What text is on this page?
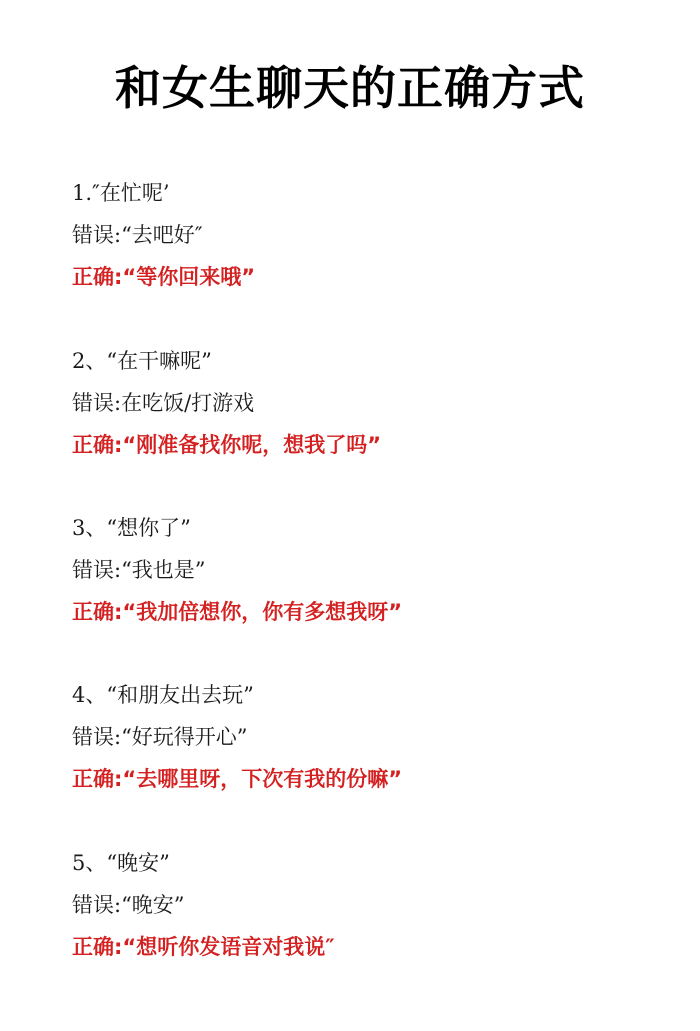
和女生聊天的正确方式
1.″在忙呢’
错误:“去吧好″
正确:“等你回来哦”
2、“在干嘛呢”
错误:在吃饭/打游戏
正确:“刚准备找你呢，想我了吗”
3、“想你了”
错误:“我也是”
正确:“我加倍想你，你有多想我呀”
4、“和朋友出去玩”
错误:“好玩得开心”
正确:“去哪里呀，下次有我的份嘛”
5、“晚安”
错误:“晚安”
正确:“想听你发语音对我说″
